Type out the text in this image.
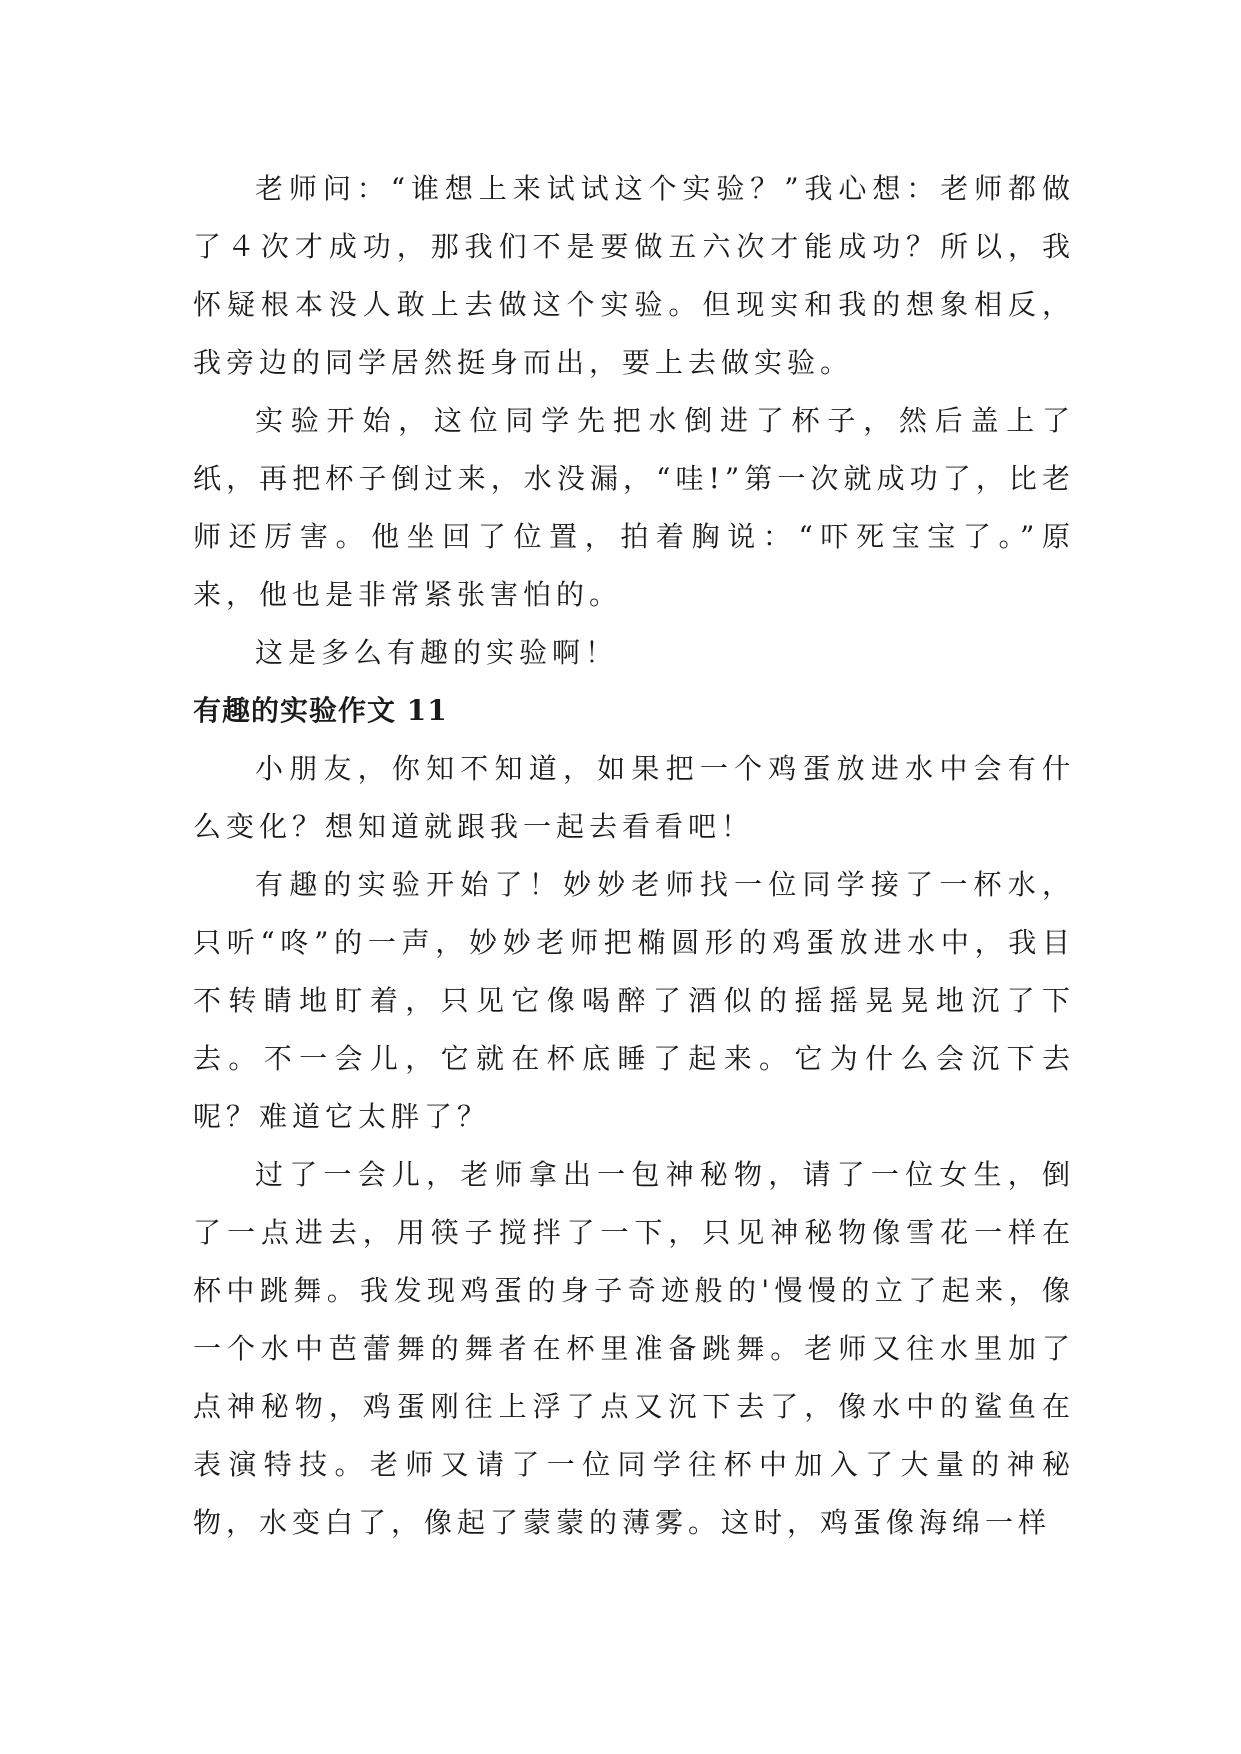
老师问：“谁想上来试试这个实验？”我心想：老师都做了４次才成功，那我们不是要做五六次才能成功？所以，我怀疑根本没人敢上去做这个实验。但现实和我的想象相反，我旁边的同学居然挺身而出，要上去做实验。

实验开始，这位同学先把水倒进了杯子，然后盖上了纸，再把杯子倒过来，水没漏，“哇!”第一次就成功了，比老师还厉害。他坐回了位置，拍着胸说：“吓死宝宝了。”原来，他也是非常紧张害怕的。

这是多么有趣的实验啊！

有趣的实验作文 11

小朋友，你知不知道，如果把一个鸡蛋放进水中会有什么变化？想知道就跟我一起去看看吧！

有趣的实验开始了！妙妙老师找一位同学接了一杯水，只听“咚”的一声，妙妙老师把椭圆形的鸡蛋放进水中，我目不转睛地盯着，只见它像喝醉了酒似的摇摇晃晃地沉了下去。不一会儿，它就在杯底睡了起来。它为什么会沉下去呢？难道它太胖了？

过了一会儿，老师拿出一包神秘物，请了一位女生，倒了一点进去，用筷子搅拌了一下，只见神秘物像雪花一样在杯中跳舞。我发现鸡蛋的身子奇迹般的'慢慢的立了起来，像一个水中芭蕾舞的舞者在杯里准备跳舞。老师又往水里加了点神秘物，鸡蛋刚往上浮了点又沉下去了，像水中的鲨鱼在表演特技。老师又请了一位同学往杯中加入了大量的神秘物，水变白了，像起了蒙蒙的薄雾。这时，鸡蛋像海绵一样
